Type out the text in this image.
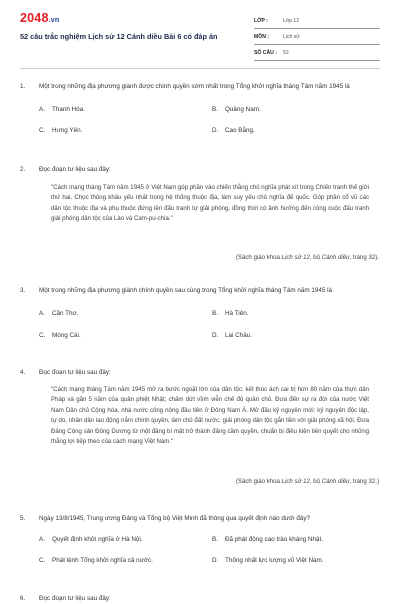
2048.vn
52 câu trắc nghiệm Lịch sử 12 Cánh diều Bài 6 có đáp án
LỚP :	Lớp 12
MÔN :	Lịch sử
SỐ CÂU :	52
1.	Một trong những địa phương giành được chính quyền sớm nhất trong Tổng khởi nghĩa tháng Tám năm 1945 là
A. Thanh Hóa.	B. Quảng Nam.
C. Hưng Yên.	D. Cao Bằng.
2.	Đọc đoạn tư liệu sau đây:
"Cách mạng tháng Tám năm 1945 ở Việt Nam góp phần vào chiến thắng chủ nghĩa phát xít trong Chiến tranh thế giới thứ hai. Chọc thủng khâu yếu nhất trong hệ thống thuộc địa, làm suy yếu chủ nghĩa đế quốc. Góp phần cổ vũ các dân tộc thuộc địa và phụ thuộc đứng lên đấu tranh tự giải phóng, đồng thời có ảnh hưởng đến công cuộc đấu tranh giải phóng dân tộc của Lào và Cam-pu-chia."
(Sách giáo khoa Lịch sử 12, bộ Cánh diều, trang 32).
3.	Một trong những địa phương giành chính quyền sau cùng trong Tổng khởi nghĩa tháng Tám năm 1945 là
A. Cần Thơ.	B. Hà Tiên.
C. Móng Cái.	D. Lai Châu.
4.	Đọc đoạn tư liệu sau đây:
"Cách mạng tháng Tám năm 1945 mở ra bước ngoặt lớn của dân tộc: kết thúc ách cai trị hơn 80 năm của thực dân Pháp và gần 5 năm của quân phiệt Nhật; chấm dứt vĩnh viễn chế độ quân chủ. Đưa đến sự ra đời của nước Việt Nam Dân chủ Cộng hòa, nhà nước công nông đầu tiên ở Đông Nam Á. Mở đầu kỷ nguyên mới: kỷ nguyên độc lập, tự do, nhân dân lao động nắm chính quyền, làm chủ đất nước, giải phóng dân tộc gắn liền với giải phóng xã hội. Đưa Đảng Cộng sản Đông Dương từ một đảng bí mật trở thành đảng cầm quyền, chuẩn bị điều kiện tiên quyết cho những thắng lợi tiếp theo của cách mạng Việt Nam."
(Sách giáo khoa Lịch sử 12, bộ Cánh diều, trang 32.)
5.	Ngày 13/8/1945, Trung ương Đảng và Tổng bộ Việt Minh đã thông qua quyết định nào dưới đây?
A. Quyết định khởi nghĩa ở Hà Nội.	B. Đã phát động cao trào kháng Nhật.
C. Phát lệnh Tổng khởi nghĩa cả nước.	D. Thống nhất lực lượng vũ Việt Nam.
6.	Đọc đoạn tư liệu sau đây:
